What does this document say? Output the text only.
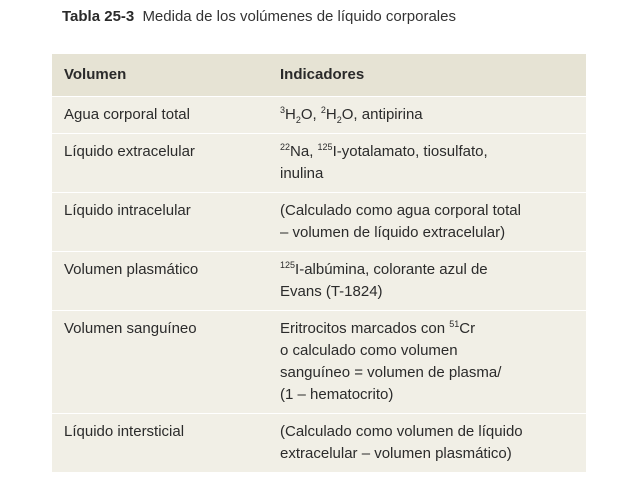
Tabla 25-3 Medida de los volúmenes de líquido corporales
Volumen	Indicadores
Agua corporal total	$^3H_2O$, $^2H_2O$, antipirina
Líquido extracelular	$^{22}$Na, $^{125}$I-yotalamato, tiosulfato,
inulina

Líquido intracelular	(Calculado como agua corporal total
– volumen de líquido extracelular)

Volumen plasmático	$^{125}$I-albúmina, colorante azul de
Evans (T-1824)

Volumen sanguíneo	Eritrocitos marcados con $^{51}$Cr
o calculado como volumen
sanguíneo = volumen de plasma/
(1 – hematocrito)

Líquido intersticial	(Calculado como volumen de líquido
extracelular – volumen plasmático)
